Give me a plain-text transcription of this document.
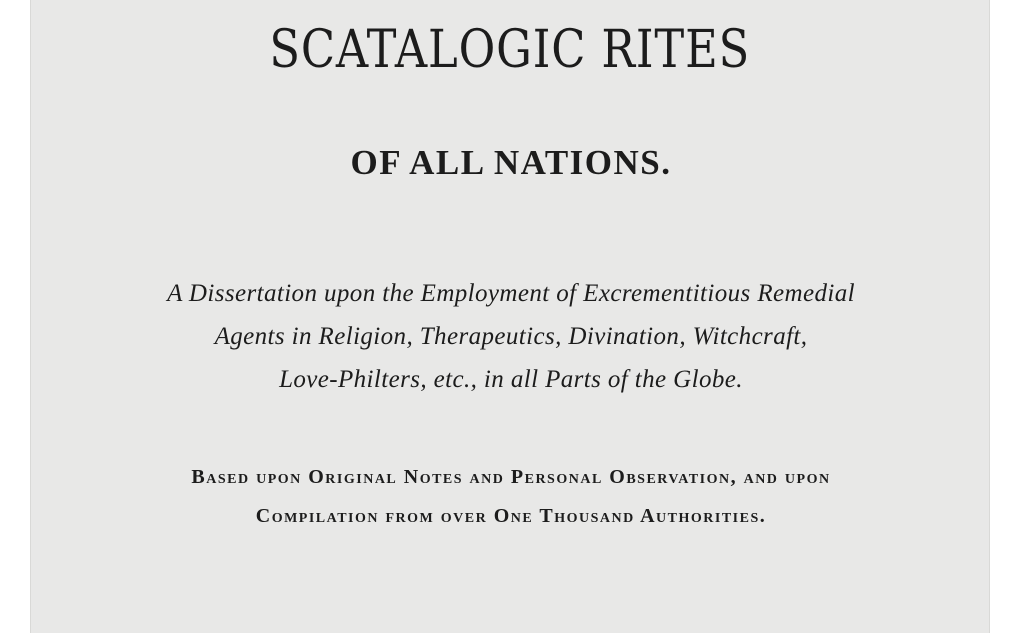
SCATALOGIC RITES
OF ALL NATIONS.

A Dissertation upon the Employment of Excrementitious Remedial

Agents in Religion, Therapeutics, Divination, Witchcraft,

Love-Philters, etc., in all Parts of the Globe.

Based upon Original Notes and Personal Observation, and upon

Compilation from over One Thousand Authorities.
